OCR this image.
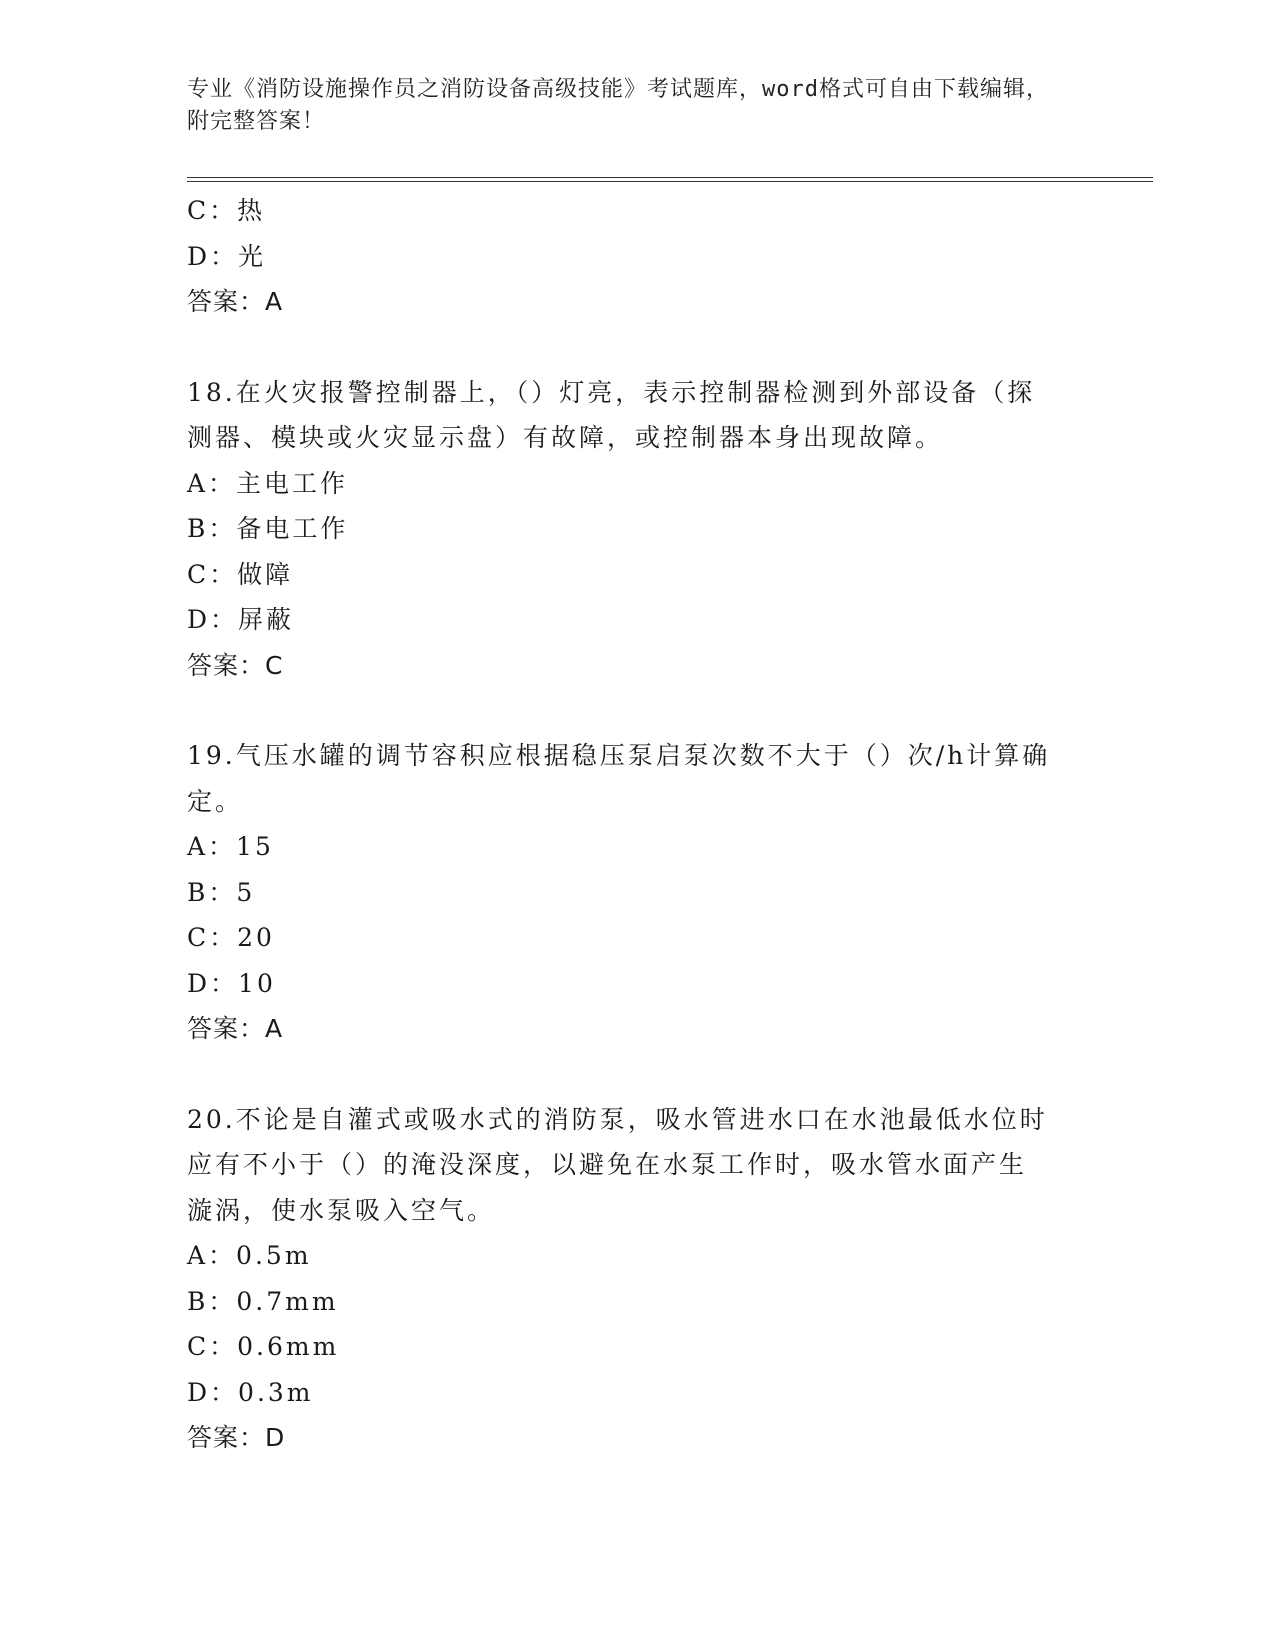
专业《消防设施操作员之消防设备高级技能》考试题库，word格式可自由下载编辑，附完整答案！
C：热
D：光
答案：A
18.在火灾报警控制器上，（）灯亮，表示控制器检测到外部设备（探
测器、模块或火灾显示盘）有故障，或控制器本身出现故障。
A：主电工作
B：备电工作
C：做障
D：屏蔽
答案：C
19.气压水罐的调节容积应根据稳压泵启泵次数不大于（）次/h计算确
定。
A：15
B：5
C：20
D：10
答案：A
20.不论是自灌式或吸水式的消防泵，吸水管进水口在水池最低水位时
应有不小于（）的淹没深度，以避免在水泵工作时，吸水管水面产生
漩涡，使水泵吸入空气。
A：0.5m
B：0.7mm
C：0.6mm
D：0.3m
答案：D
